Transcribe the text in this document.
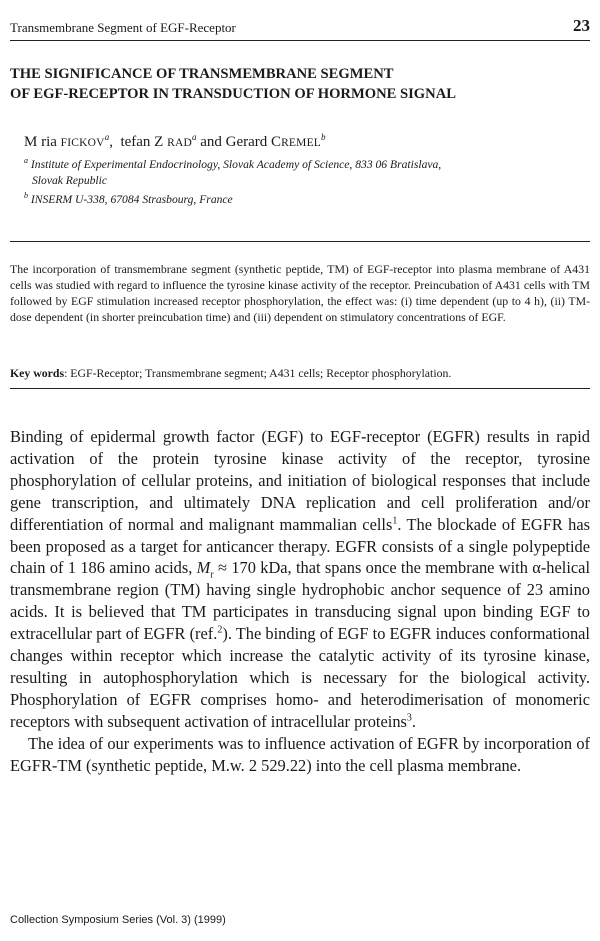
Transmembrane Segment of EGF-Receptor	23
THE SIGNIFICANCE OF TRANSMEMBRANE SEGMENT
OF EGF-RECEPTOR IN TRANSDUCTION OF HORMONE SIGNAL
M ria FICKOV$^a$, tefan Z RAD$^a$ and Gerard CREMEL$^b$
$^a$ Institute of Experimental Endocrinology, Slovak Academy of Science, 833 06 Bratislava,
Slovak Republic
$^b$ INSERM U-338, 67084 Strasbourg, France
The incorporation of transmembrane segment (synthetic peptide, TM) of EGF-receptor into plasma membrane of A431 cells was studied with regard to influence the tyrosine kinase activity of the receptor. Preincubation of A431 cells with TM followed by EGF stimulation increased receptor phosphorylation, the effect was: (i) time dependent (up to 4 h), (ii) TM-dose dependent (in shorter preincubation time) and (iii) dependent on stimulatory concentrations of EGF.
Key words: EGF-Receptor; Transmembrane segment; A431 cells; Receptor phosphorylation.

Binding of epidermal growth factor (EGF) to EGF-receptor (EGFR) results in rapid activation of the protein tyrosine kinase activity of the receptor, tyrosine phosphorylation of cellular proteins, and initiation of biological responses that include gene transcription, and ultimately DNA replication and cell proliferation and/or differentiation of normal and malignant mammalian cells$^1$. The blockade of EGFR has been proposed as a target for anticancer therapy. EGFR consists of a single polypeptide chain of 1 186 amino acids, $M_r \approx 170$ kDa, that spans once the membrane with α-helical transmembrane region (TM) having single hydrophobic anchor sequence of 23 amino acids. It is believed that TM participates in transducing signal upon binding EGF to extracellular part of EGFR (ref.$^2$). The binding of EGF to EGFR induces conformational changes within receptor which increase the catalytic activity of its tyrosine kinase, resulting in autophosphorylation which is necessary for the biological activity. Phosphorylation of EGFR comprises homo- and heterodimerisation of monomeric receptors with subsequent activation of intracellular proteins$^3$.

The idea of our experiments was to influence activation of EGFR by incorporation of EGFR-TM (synthetic peptide, M.w. 2 529.22) into the cell plasma membrane.

Collection Symposium Series (Vol. 3) (1999)
